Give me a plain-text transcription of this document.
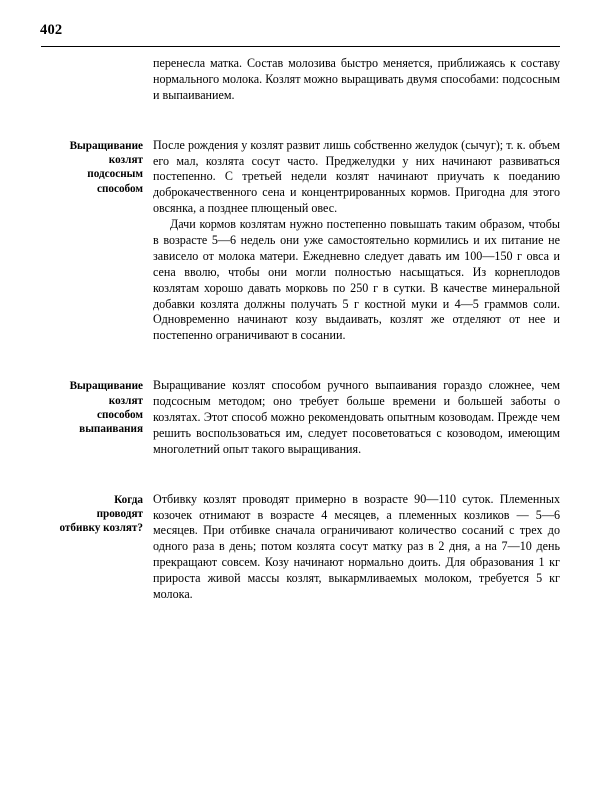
402

перенесла матка. Состав молозива быстро меняется, приближаясь к составу нормального молока. Козлят можно выращивать двумя способами: подсосным и выпаиванием.

Выращивание
козлят
подсосным
способом

После рождения у козлят развит лишь собственно желудок (сычуг); т. к. объем его мал, козлята сосут часто. Преджелудки у них начинают развиваться постепенно. С третьей недели козлят начинают приучать к поеданию доброкачественного сена и концентрированных кормов. Пригодна для этого овсянка, а позднее плющеный овес.

Дачи кормов козлятам нужно постепенно повышать таким образом, чтобы в возрасте 5—6 недель они уже самостоятельно кормились и их питание не зависело от молока матери. Ежедневно следует давать им 100—150 г овса и сена вволю, чтобы они могли полностью насыщаться. Из корнеплодов козлятам хорошо давать морковь по 250 г в сутки. В качестве минеральной добавки козлята должны получать 5 г костной муки и 4—5 граммов соли. Одновременно начинают козу выдаивать, козлят же отделяют от нее и постепенно ограничивают в сосании.

Выращивание
козлят
способом
выпаивания

Выращивание козлят способом ручного выпаивания гораздо сложнее, чем подсосным методом; оно требует больше времени и большей заботы о козлятах. Этот способ можно рекомендовать опытным козоводам. Прежде чем решить воспользоваться им, следует посоветоваться с козоводом, имеющим многолетний опыт такого выращивания.

Когда
проводят
отбивку козлят?

Отбивку козлят проводят примерно в возрасте 90—110 суток. Племенных козочек отнимают в возрасте 4 месяцев, а племенных козликов — 5—6 месяцев. При отбивке сначала ограничивают количество сосаний с трех до одного раза в день; потом козлята сосут матку раз в 2 дня, а на 7—10 день прекращают совсем. Козу начинают нормально доить. Для образования 1 кг прироста живой массы козлят, выкармливаемых молоком, требуется 5 кг молока.
